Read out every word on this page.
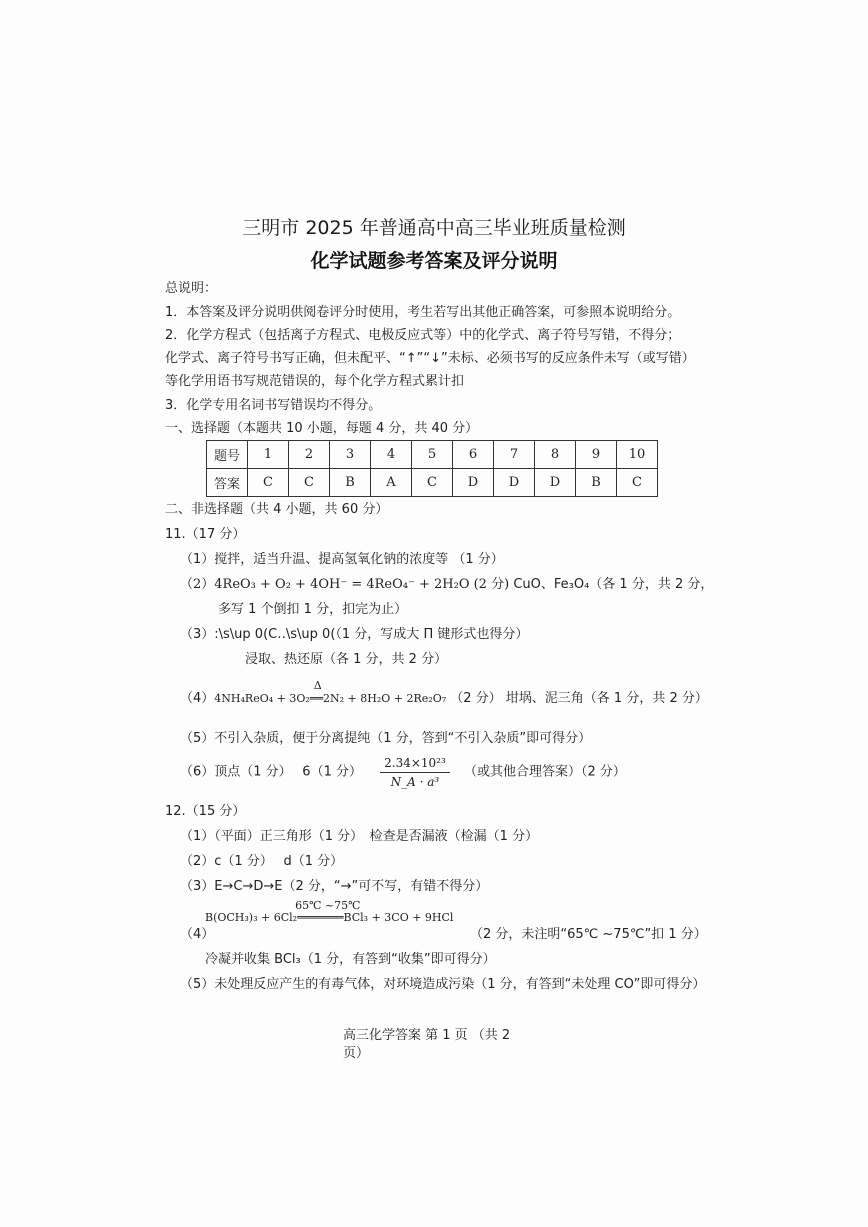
三明市 2025 年普通高中高三毕业班质量检测
化学试题参考答案及评分说明
总说明：
1．本答案及评分说明供阅卷评分时使用，考生若写出其他正确答案，可参照本说明给分。
2．化学方程式（包括离子方程式、电极反应式等）中的化学式、离子符号写错，不得分；
化学式、离子符号书写正确，但未配平、“↑”“↓”未标、必须书写的反应条件未写（或写错）
等化学用语书写规范错误的，每个化学方程式累计扣
3．化学专用名词书写错误均不得分。
一、选择题（本题共 10 小题，每题 4 分，共 40 分）
题号	1	2	3	4	5	6	7	8	9	10
答案	C	C	B	A	C	D	D	D	B	C
二、非选择题（共 4 小题，共 60 分）
11.（17 分）
（1）搅拌，适当升温、提高氢氧化钠的浓度等 （1 分）
（2）4ReO₃ + O₂ + 4OH⁻ = 4ReO₄⁻ + 2H₂O (2 分) CuO、Fe₃O₄（各 1 分，共 2 分，
多写 1 个倒扣 1 分，扣完为止）
（3）:\s\up 0(C‥\s\up 0(（1 分，写成大 Π 键形式也得分）
浸取、热还原（各 1 分，共 2 分）
（4）4NH₄ReO₄ + 3O₂
Δ
══2N₂ + 8H₂O + 2Re₂O₇ （2 分） 坩埚、泥三角（各 1 分，共 2 分）
（5）不引入杂质，便于分离提纯（1 分，答到“不引入杂质”即可得分）
（6）顶点（1 分）　 6（1 分） $\frac{\text{2.34×10²³}}{\text{N\_A · a³}}$ （或其他合理答案）（2 分）
12.（15 分）
（1）（平面）正三角形（1 分）　检查是否漏液（检漏（1 分）
（2）c（1 分）　 d（1 分）
（3）E→C→D→E（2 分，“→”可不写，有错不得分）
B(OCH₃)₃ + 6Cl₂
65℃ ~75℃
═══════BCl₃ + 3CO + 9HCl
（4）	（2 分，未注明“65℃ ~75℃”扣 1 分）
冷凝并收集 BCl₃（1 分，有答到“收集”即可得分）
（5）未处理反应产生的有毒气体，对环境造成污染（1 分，有答到“未处理 CO”即可得分）
高三化学答案 第 1 页 （共 2
页）
